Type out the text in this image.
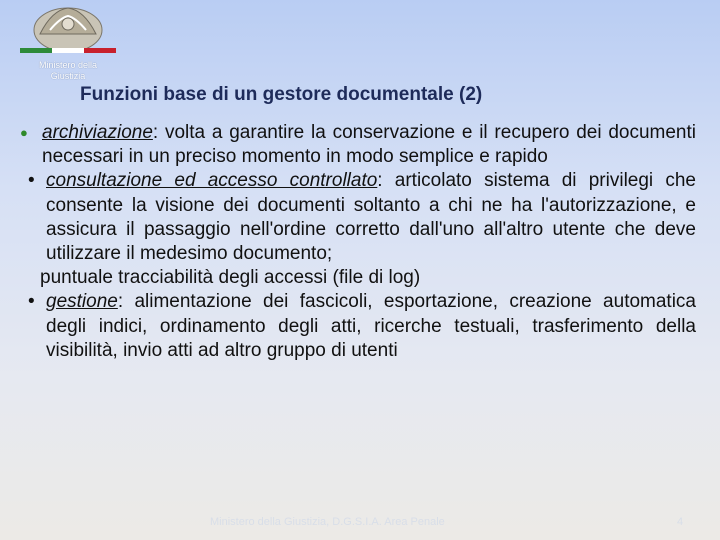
Ministero della
Giustizia
Funzioni base di un gestore documentale (2)
● archiviazione: volta a garantire la conservazione e il recupero dei documenti necessari in un preciso momento in modo semplice e rapido
• consultazione ed accesso controllato: articolato sistema di privilegi che consente la visione dei documenti soltanto a chi ne ha l'autorizzazione, e assicura il passaggio nell'ordine corretto dall'uno all'altro utente che deve utilizzare il medesimo documento;
puntuale tracciabilità degli accessi (file di log)
• gestione: alimentazione dei fascicoli, esportazione, creazione automatica degli indici, ordinamento degli atti, ricerche testuali, trasferimento della visibilità, invio atti ad altro gruppo di utenti
Ministero della Giustizia, D.G.S.I.A. Area Penale	4
